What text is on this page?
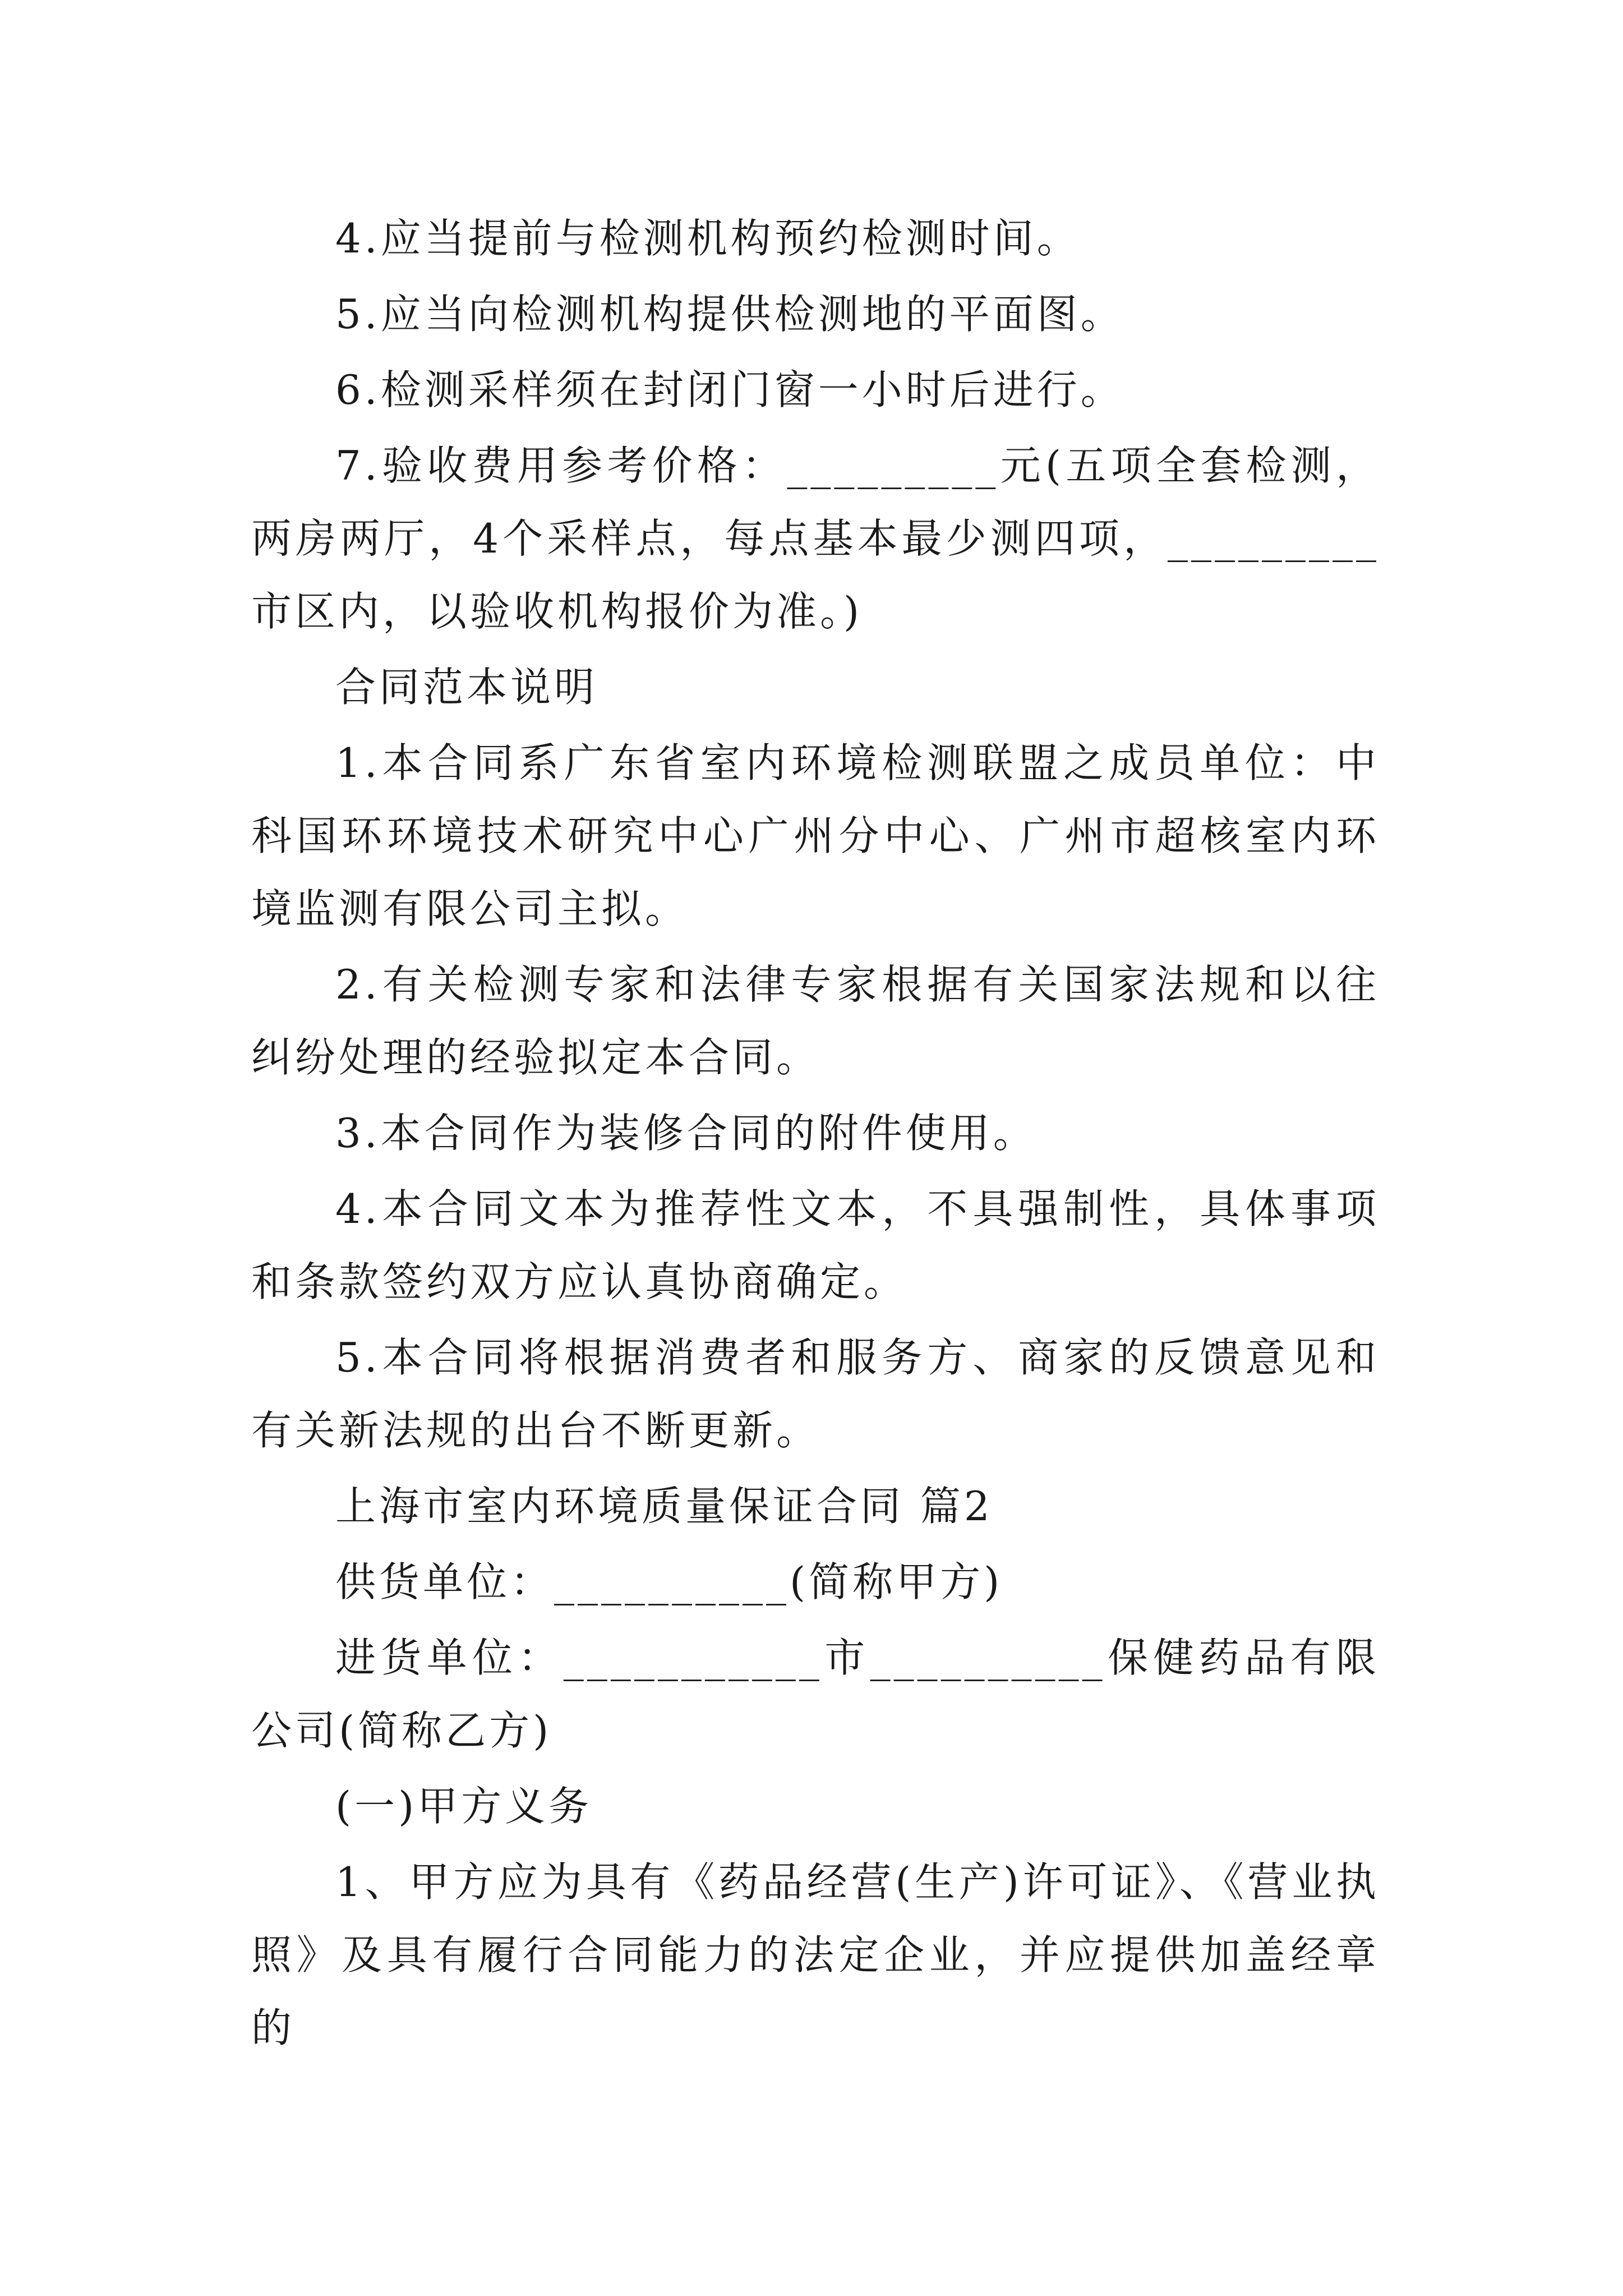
4.应当提前与检测机构预约检测时间。

5.应当向检测机构提供检测地的平面图。

6.检测采样须在封闭门窗一小时后进行。

7.验收费用参考价格：_________元(五项全套检测，两房两厅，4个采样点，每点基本最少测四项，_________市区内，以验收机构报价为准。)

合同范本说明

1.本合同系广东省室内环境检测联盟之成员单位：中科国环环境技术研究中心广州分中心、广州市超核室内环境监测有限公司主拟。

2.有关检测专家和法律专家根据有关国家法规和以往纠纷处理的经验拟定本合同。

3.本合同作为装修合同的附件使用。

4.本合同文本为推荐性文本，不具强制性，具体事项和条款签约双方应认真协商确定。

5.本合同将根据消费者和服务方、商家的反馈意见和有关新法规的出台不断更新。

上海市室内环境质量保证合同 篇2

供货单位：__________(简称甲方)

进货单位：___________市__________保健药品有限公司(简称乙方)

(一)甲方义务

1、甲方应为具有《药品经营(生产)许可证》、《营业执照》及具有履行合同能力的法定企业，并应提供加盖经章的
